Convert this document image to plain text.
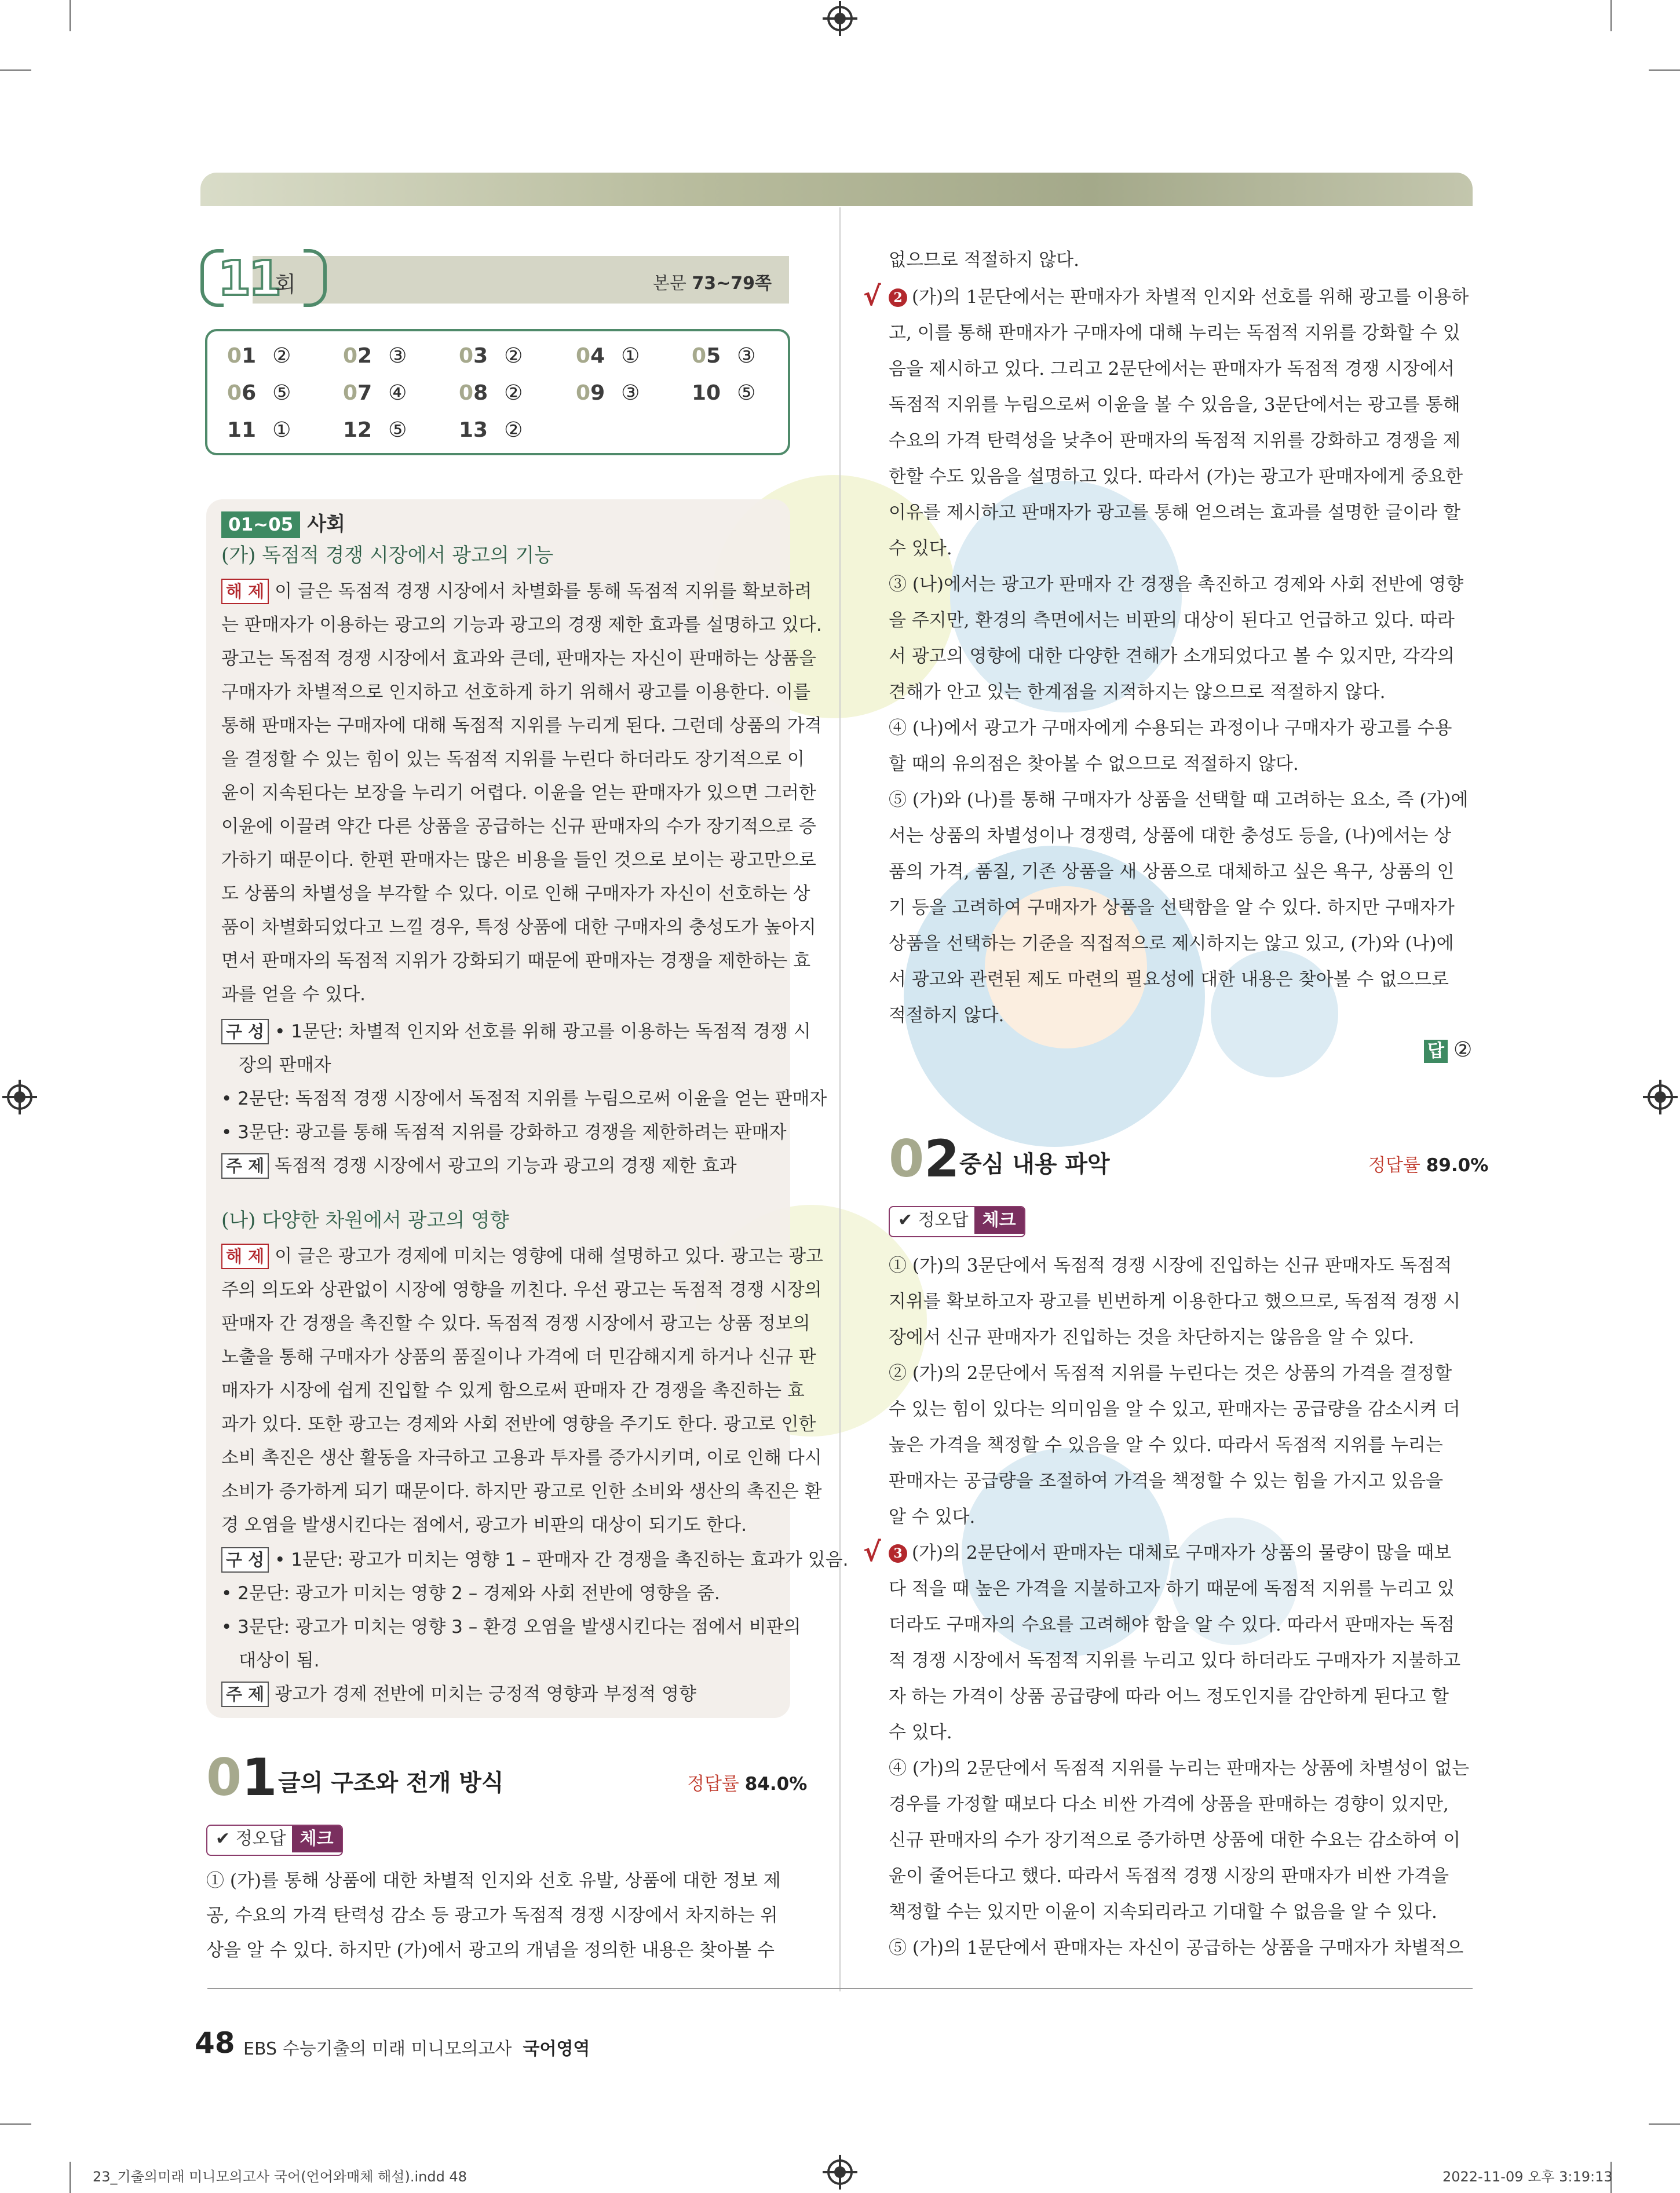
11
회	본문 73~79쪽
01 ② 02 ③ 03 ②	04 ① 05 ③
06 ⑤ 07 ④ 08 ②	09 ③ 10 ⑤
11 ① 12 ⑤ 13 ②
01~05 사회
(가) 독점적 경쟁 시장에서 광고의 기능
해 제 이 글은 독점적 경쟁 시장에서 차별화를 통해 독점적 지위를 확보하려
는 판매자가 이용하는 광고의 기능과 광고의 경쟁 제한 효과를 설명하고 있다.
광고는 독점적 경쟁 시장에서 효과와 큰데, 판매자는 자신이 판매하는 상품을
구매자가 차별적으로 인지하고 선호하게 하기 위해서 광고를 이용한다. 이를
통해 판매자는 구매자에 대해 독점적 지위를 누리게 된다. 그런데 상품의 가격
을 결정할 수 있는 힘이 있는 독점적 지위를 누린다 하더라도 장기적으로 이
윤이 지속된다는 보장을 누리기 어렵다. 이윤을 얻는 판매자가 있으면 그러한
이윤에 이끌려 약간 다른 상품을 공급하는 신규 판매자의 수가 장기적으로 증
가하기 때문이다. 한편 판매자는 많은 비용을 들인 것으로 보이는 광고만으로
도 상품의 차별성을 부각할 수 있다. 이로 인해 구매자가 자신이 선호하는 상
품이 차별화되었다고 느낄 경우, 특정 상품에 대한 구매자의 충성도가 높아지
면서 판매자의 독점적 지위가 강화되기 때문에 판매자는 경쟁을 제한하는 효
과를 얻을 수 있다.
구 성 • 1문단: 차별적 인지와 선호를 위해 광고를 이용하는 독점적 경쟁 시
장의 판매자
• 2문단: 독점적 경쟁 시장에서 독점적 지위를 누림으로써 이윤을 얻는 판매자
• 3문단: 광고를 통해 독점적 지위를 강화하고 경쟁을 제한하려는 판매자
주 제 독점적 경쟁 시장에서 광고의 기능과 광고의 경쟁 제한 효과
(나) 다양한 차원에서 광고의 영향
해 제 이 글은 광고가 경제에 미치는 영향에 대해 설명하고 있다. 광고는 광고
주의 의도와 상관없이 시장에 영향을 끼친다. 우선 광고는 독점적 경쟁 시장의
판매자 간 경쟁을 촉진할 수 있다. 독점적 경쟁 시장에서 광고는 상품 정보의
노출을 통해 구매자가 상품의 품질이나 가격에 더 민감해지게 하거나 신규 판
매자가 시장에 쉽게 진입할 수 있게 함으로써 판매자 간 경쟁을 촉진하는 효
과가 있다. 또한 광고는 경제와 사회 전반에 영향을 주기도 한다. 광고로 인한
소비 촉진은 생산 활동을 자극하고 고용과 투자를 증가시키며, 이로 인해 다시
소비가 증가하게 되기 때문이다. 하지만 광고로 인한 소비와 생산의 촉진은 환
경 오염을 발생시킨다는 점에서, 광고가 비판의 대상이 되기도 한다.
구 성 • 1문단: 광고가 미치는 영향 1 – 판매자 간 경쟁을 촉진하는 효과가 있음.
• 2문단: 광고가 미치는 영향 2 – 경제와 사회 전반에 영향을 줌.
• 3문단: 광고가 미치는 영향 3 – 환경 오염을 발생시킨다는 점에서 비판의
대상이 됨.
주 제 광고가 경제 전반에 미치는 긍정적 영향과 부정적 영향
01 글의 구조와 전개 방식	정답률 84.0%
✔ 정오답 체크
① (가)를 통해 상품에 대한 차별적 인지와 선호 유발, 상품에 대한 정보 제
공, 수요의 가격 탄력성 감소 등 광고가 독점적 경쟁 시장에서 차지하는 위
상을 알 수 있다. 하지만 (가)에서 광고의 개념을 정의한 내용은 찾아볼 수
없으므로 적절하지 않다.
√ 2 (가)의 1문단에서는 판매자가 차별적 인지와 선호를 위해 광고를 이용하
고, 이를 통해 판매자가 구매자에 대해 누리는 독점적 지위를 강화할 수 있
음을 제시하고 있다. 그리고 2문단에서는 판매자가 독점적 경쟁 시장에서
독점적 지위를 누림으로써 이윤을 볼 수 있음을, 3문단에서는 광고를 통해
수요의 가격 탄력성을 낮추어 판매자의 독점적 지위를 강화하고 경쟁을 제
한할 수도 있음을 설명하고 있다. 따라서 (가)는 광고가 판매자에게 중요한
이유를 제시하고 판매자가 광고를 통해 얻으려는 효과를 설명한 글이라 할
수 있다.
③ (나)에서는 광고가 판매자 간 경쟁을 촉진하고 경제와 사회 전반에 영향
을 주지만, 환경의 측면에서는 비판의 대상이 된다고 언급하고 있다. 따라
서 광고의 영향에 대한 다양한 견해가 소개되었다고 볼 수 있지만, 각각의
견해가 안고 있는 한계점을 지적하지는 않으므로 적절하지 않다.
④ (나)에서 광고가 구매자에게 수용되는 과정이나 구매자가 광고를 수용
할 때의 유의점은 찾아볼 수 없으므로 적절하지 않다.
⑤ (가)와 (나)를 통해 구매자가 상품을 선택할 때 고려하는 요소, 즉 (가)에
서는 상품의 차별성이나 경쟁력, 상품에 대한 충성도 등을, (나)에서는 상
품의 가격, 품질, 기존 상품을 새 상품으로 대체하고 싶은 욕구, 상품의 인
기 등을 고려하여 구매자가 상품을 선택함을 알 수 있다. 하지만 구매자가
상품을 선택하는 기준을 직접적으로 제시하지는 않고 있고, (가)와 (나)에
서 광고와 관련된 제도 마련의 필요성에 대한 내용은 찾아볼 수 없으므로
적절하지 않다.
답 ②
02 중심 내용 파악	정답률 89.0%
✔ 정오답 체크
① (가)의 3문단에서 독점적 경쟁 시장에 진입하는 신규 판매자도 독점적
지위를 확보하고자 광고를 빈번하게 이용한다고 했으므로, 독점적 경쟁 시
장에서 신규 판매자가 진입하는 것을 차단하지는 않음을 알 수 있다.
② (가)의 2문단에서 독점적 지위를 누린다는 것은 상품의 가격을 결정할
수 있는 힘이 있다는 의미임을 알 수 있고, 판매자는 공급량을 감소시켜 더
높은 가격을 책정할 수 있음을 알 수 있다. 따라서 독점적 지위를 누리는
판매자는 공급량을 조절하여 가격을 책정할 수 있는 힘을 가지고 있음을
알 수 있다.
√ 3 (가)의 2문단에서 판매자는 대체로 구매자가 상품의 물량이 많을 때보
다 적을 때 높은 가격을 지불하고자 하기 때문에 독점적 지위를 누리고 있
더라도 구매자의 수요를 고려해야 함을 알 수 있다. 따라서 판매자는 독점
적 경쟁 시장에서 독점적 지위를 누리고 있다 하더라도 구매자가 지불하고
자 하는 가격이 상품 공급량에 따라 어느 정도인지를 감안하게 된다고 할
수 있다.
④ (가)의 2문단에서 독점적 지위를 누리는 판매자는 상품에 차별성이 없는
경우를 가정할 때보다 다소 비싼 가격에 상품을 판매하는 경향이 있지만,
신규 판매자의 수가 장기적으로 증가하면 상품에 대한 수요는 감소하여 이
윤이 줄어든다고 했다. 따라서 독점적 경쟁 시장의 판매자가 비싼 가격을
책정할 수는 있지만 이윤이 지속되리라고 기대할 수 없음을 알 수 있다.
⑤ (가)의 1문단에서 판매자는 자신이 공급하는 상품을 구매자가 차별적으
48 EBS 수능기출의 미래 미니모의고사 국어영역
23_기출의미래 미니모의고사 국어(언어와매체 해설).indd 48	2022-11-09 오후 3:19:13
